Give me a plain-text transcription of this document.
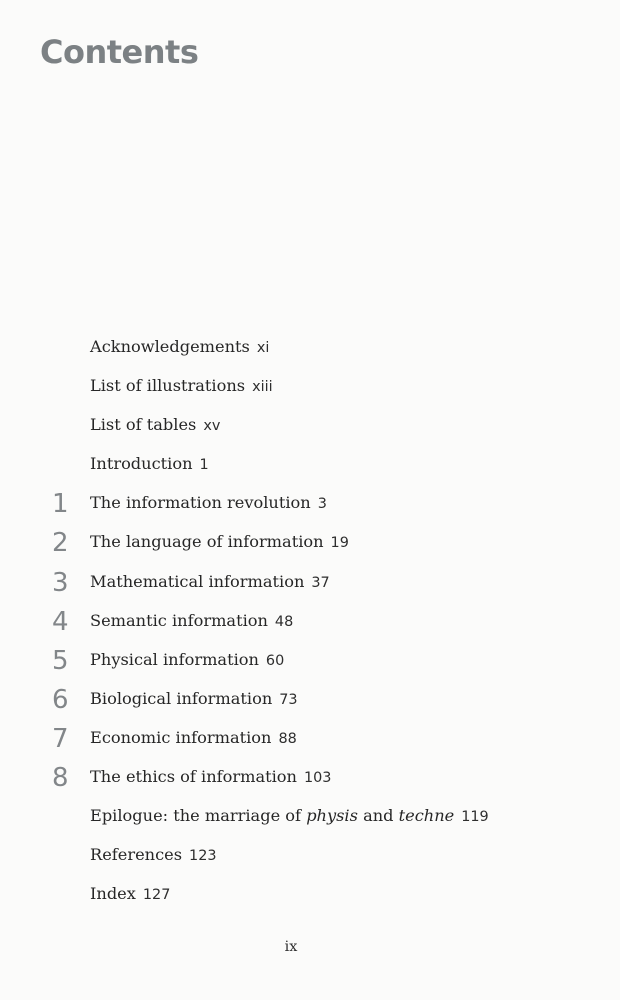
Contents
Acknowledgements xi
List of illustrations xiii
List of tables xv
Introduction 1
1	The information revolution 3
2	The language of information 19
3	Mathematical information 37
4	Semantic information 48
5	Physical information 60
6	Biological information 73
7	Economic information 88
8	The ethics of information 103
Epilogue: the marriage of physis and techne 119
References 123
Index 127

ix
